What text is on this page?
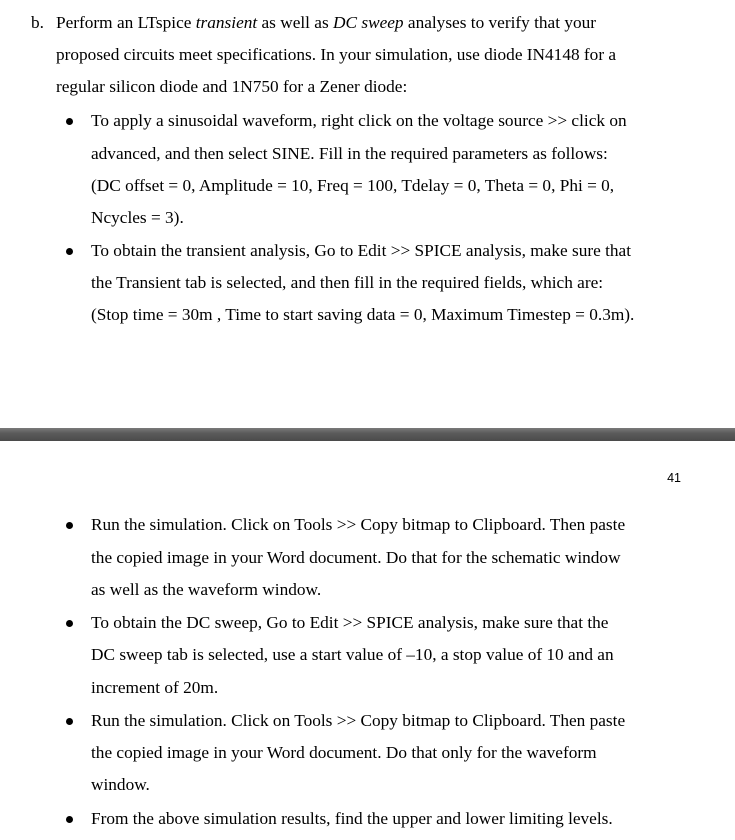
b. Perform an LTspice transient as well as DC sweep analyses to verify that your
proposed circuits meet specifications. In your simulation, use diode IN4148 for a
regular silicon diode and 1N750 for a Zener diode:
To apply a sinusoidal waveform, right click on the voltage source >> click on
advanced, and then select SINE. Fill in the required parameters as follows:
(DC offset = 0, Amplitude = 10, Freq = 100, Tdelay = 0, Theta = 0, Phi = 0,
Ncycles = 3).
To obtain the transient analysis, Go to Edit >> SPICE analysis, make sure that
the Transient tab is selected, and then fill in the required fields, which are:
(Stop time = 30m , Time to start saving data = 0, Maximum Timestep = 0.3m).
41
Run the simulation. Click on Tools >> Copy bitmap to Clipboard. Then paste
the copied image in your Word document. Do that for the schematic window
as well as the waveform window.
To obtain the DC sweep, Go to Edit >> SPICE analysis, make sure that the
DC sweep tab is selected, use a start value of –10, a stop value of 10 and an
increment of 20m.
Run the simulation. Click on Tools >> Copy bitmap to Clipboard. Then paste
the copied image in your Word document. Do that only for the waveform
window.
From the above simulation results, find the upper and lower limiting levels.
